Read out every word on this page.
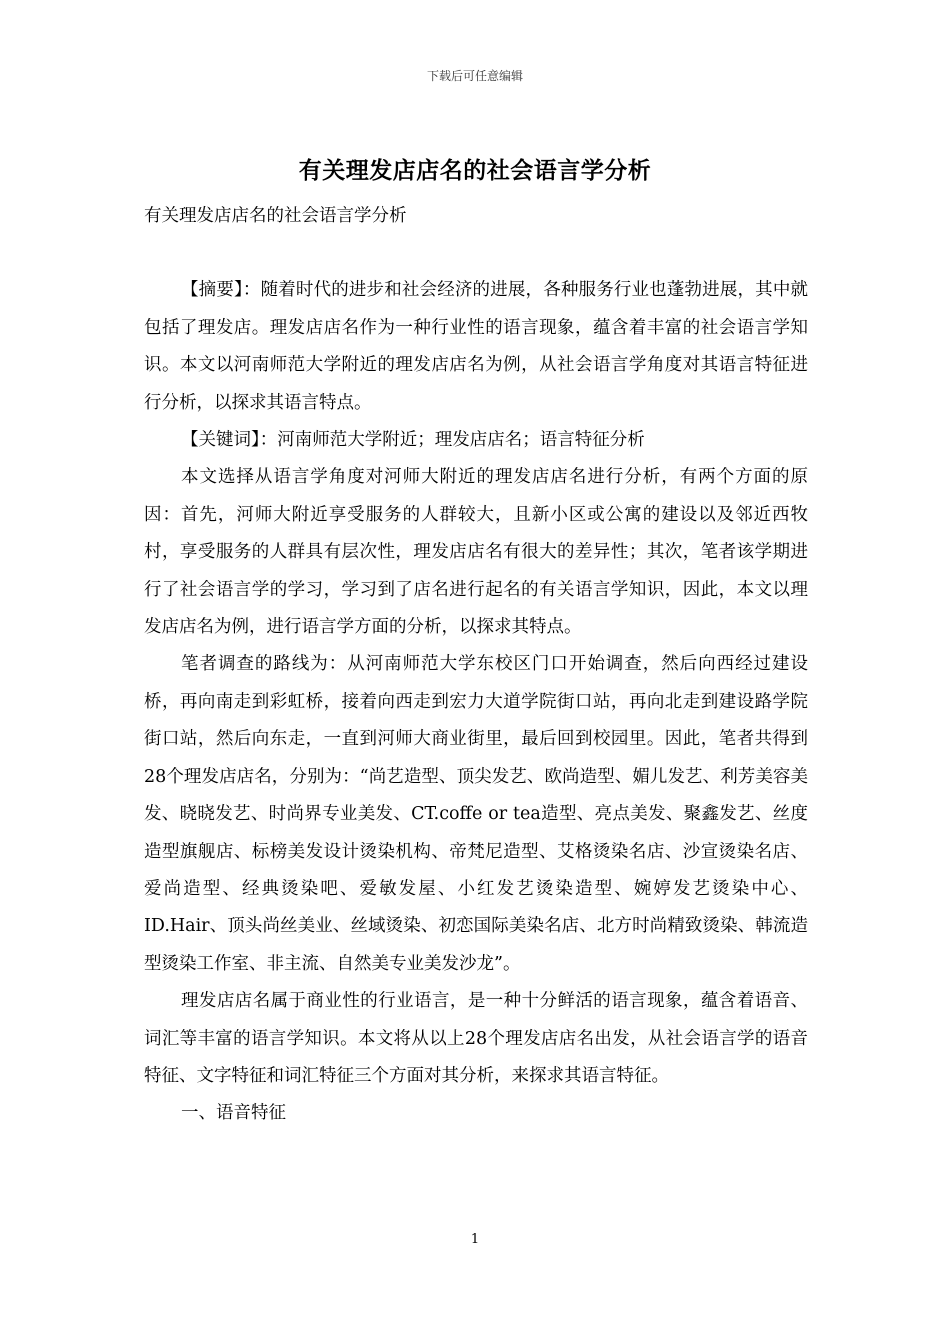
下载后可任意编辑
有关理发店店名的社会语言学分析

有关理发店店名的社会语言学分析

【摘要】：随着时代的进步和社会经济的进展，各种服务行业也蓬勃进展，其中就包括了理发店。理发店店名作为一种行业性的语言现象，蕴含着丰富的社会语言学知识。本文以河南师范大学附近的理发店店名为例，从社会语言学角度对其语言特征进行分析，以探求其语言特点。

【关键词】：河南师范大学附近；理发店店名；语言特征分析

本文选择从语言学角度对河师大附近的理发店店名进行分析，有两个方面的原因：首先，河师大附近享受服务的人群较大，且新小区或公寓的建设以及邻近西牧村，享受服务的人群具有层次性，理发店店名有很大的差异性；其次，笔者该学期进行了社会语言学的学习，学习到了店名进行起名的有关语言学知识，因此，本文以理发店店名为例，进行语言学方面的分析，以探求其特点。

笔者调查的路线为：从河南师范大学东校区门口开始调查，然后向西经过建设桥，再向南走到彩虹桥，接着向西走到宏力大道学院街口站，再向北走到建设路学院街口站，然后向东走，一直到河师大商业街里，最后回到校园里。因此，笔者共得到28个理发店店名，分别为：“尚艺造型、顶尖发艺、欧尚造型、媚儿发艺、利芳美容美发、晓晓发艺、时尚界专业美发、CT.coffe or tea造型、亮点美发、聚鑫发艺、丝度造型旗舰店、标榜美发设计烫染机构、帝梵尼造型、艾格烫染名店、沙宣烫染名店、爱尚造型、经典烫染吧、爱敏发屋、小红发艺烫染造型、婉婷发艺烫染中心、ID.Hair、顶头尚丝美业、丝域烫染、初恋国际美染名店、北方时尚精致烫染、韩流造型烫染工作室、非主流、自然美专业美发沙龙”。

理发店店名属于商业性的行业语言，是一种十分鲜活的语言现象，蕴含着语音、词汇等丰富的语言学知识。本文将从以上28个理发店店名出发，从社会语言学的语音特征、文字特征和词汇特征三个方面对其分析，来探求其语言特征。

一、语音特征

1
